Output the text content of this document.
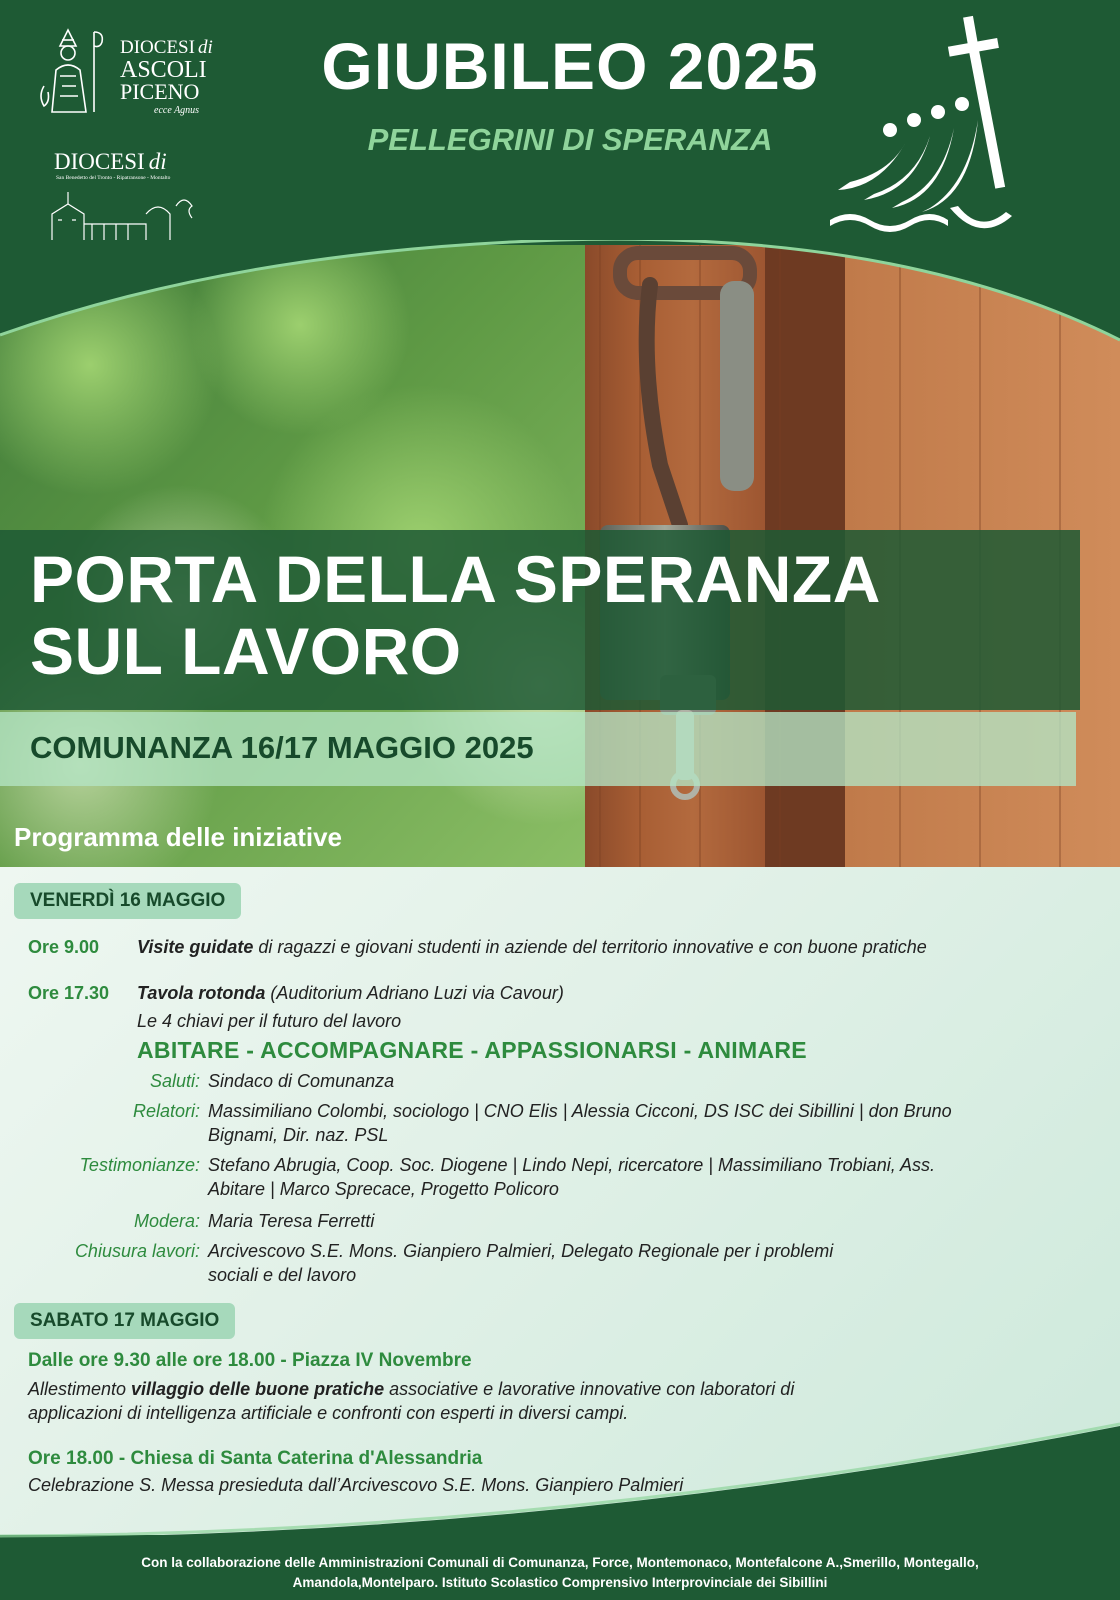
DIOCESI di
ASCOLI
PICENO
ecce Agnus
DIOCESI di
San Benedetto del Tronto - Ripatransone - Montalto
GIUBILEO 2025
PELLEGRINI DI SPERANZA
PORTA DELLA SPERANZA
SUL LAVORO
COMUNANZA 16/17 MAGGIO 2025
Programma delle iniziative
VENERDÌ 16 MAGGIO
Ore 9.00 Visite guidate di ragazzi e giovani studenti in aziende del territorio innovative e con buone pratiche
Ore 17.30 Tavola rotonda (Auditorium Adriano Luzi via Cavour)
Le 4 chiavi per il futuro del lavoro
ABITARE - ACCOMPAGNARE - APPASSIONARSI - ANIMARE
Saluti: Sindaco di Comunanza
Relatori: Massimiliano Colombi, sociologo | CNO Elis | Alessia Cicconi, DS ISC dei Sibillini | don Bruno
Bignami, Dir. naz. PSL
Testimonianze: Stefano Abrugia, Coop. Soc. Diogene | Lindo Nepi, ricercatore | Massimiliano Trobiani, Ass.
Abitare | Marco Sprecace, Progetto Policoro
Modera: Maria Teresa Ferretti
Chiusura lavori: Arcivescovo S.E. Mons. Gianpiero Palmieri, Delegato Regionale per i problemi
sociali e del lavoro
SABATO 17 MAGGIO
Dalle ore 9.30 alle ore 18.00 - Piazza IV Novembre
Allestimento villaggio delle buone pratiche associative e lavorative innovative con laboratori di
applicazioni di intelligenza artificiale e confronti con esperti in diversi campi.
Ore 18.00 - Chiesa di Santa Caterina d'Alessandria
Celebrazione S. Messa presieduta dall’Arcivescovo S.E. Mons. Gianpiero Palmieri
Con la collaborazione delle Amministrazioni Comunali di Comunanza, Force, Montemonaco, Montefalcone A.,Smerillo, Montegallo,
Amandola,Montelparo. Istituto Scolastico Comprensivo Interprovinciale dei Sibillini
